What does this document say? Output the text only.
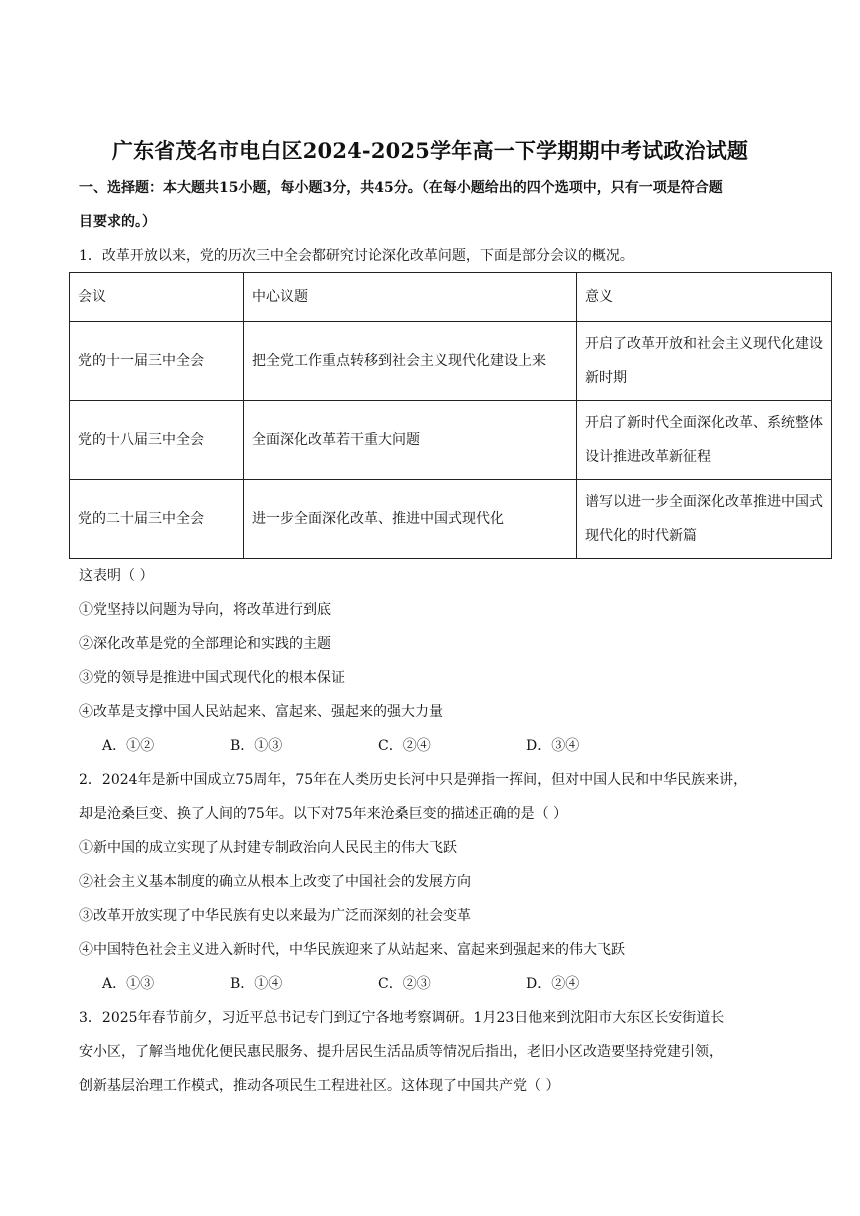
广东省茂名市电白区2024-2025学年高一下学期期中考试政治试题
一、选择题：本大题共15小题，每小题3分，共45分。（在每小题给出的四个选项中，只有一项是符合题
目要求的。）
1．改革开放以来，党的历次三中全会都研究讨论深化改革问题，下面是部分会议的概况。
会议	中心议题	意义
党的十一届三中全会	把全党工作重点转移到社会主义现代化建设上来	开启了改革开放和社会主义现代化建设新时期
党的十八届三中全会	全面深化改革若干重大问题	开启了新时代全面深化改革、系统整体设计推进改革新征程
党的二十届三中全会	进一步全面深化改革、推进中国式现代化	谱写以进一步全面深化改革推进中国式现代化的时代新篇
这表明（ ）
①党坚持以问题为导向，将改革进行到底
②深化改革是党的全部理论和实践的主题
③党的领导是推进中国式现代化的根本保证
④改革是支撑中国人民站起来、富起来、强起来的强大力量
A．①②	B．①③	C．②④	D．③④
2．2024年是新中国成立75周年，75年在人类历史长河中只是弹指一挥间，但对中国人民和中华民族来讲，
却是沧桑巨变、换了人间的75年。以下对75年来沧桑巨变的描述正确的是（ ）
①新中国的成立实现了从封建专制政治向人民民主的伟大飞跃
②社会主义基本制度的确立从根本上改变了中国社会的发展方向
③改革开放实现了中华民族有史以来最为广泛而深刻的社会变革
④中国特色社会主义进入新时代，中华民族迎来了从站起来、富起来到强起来的伟大飞跃
A．①③	B．①④	C．②③	D．②④
3．2025年春节前夕，习近平总书记专门到辽宁各地考察调研。1月23日他来到沈阳市大东区长安街道长
安小区，了解当地优化便民惠民服务、提升居民生活品质等情况后指出，老旧小区改造要坚持党建引领，
创新基层治理工作模式，推动各项民生工程进社区。这体现了中国共产党（ ）
